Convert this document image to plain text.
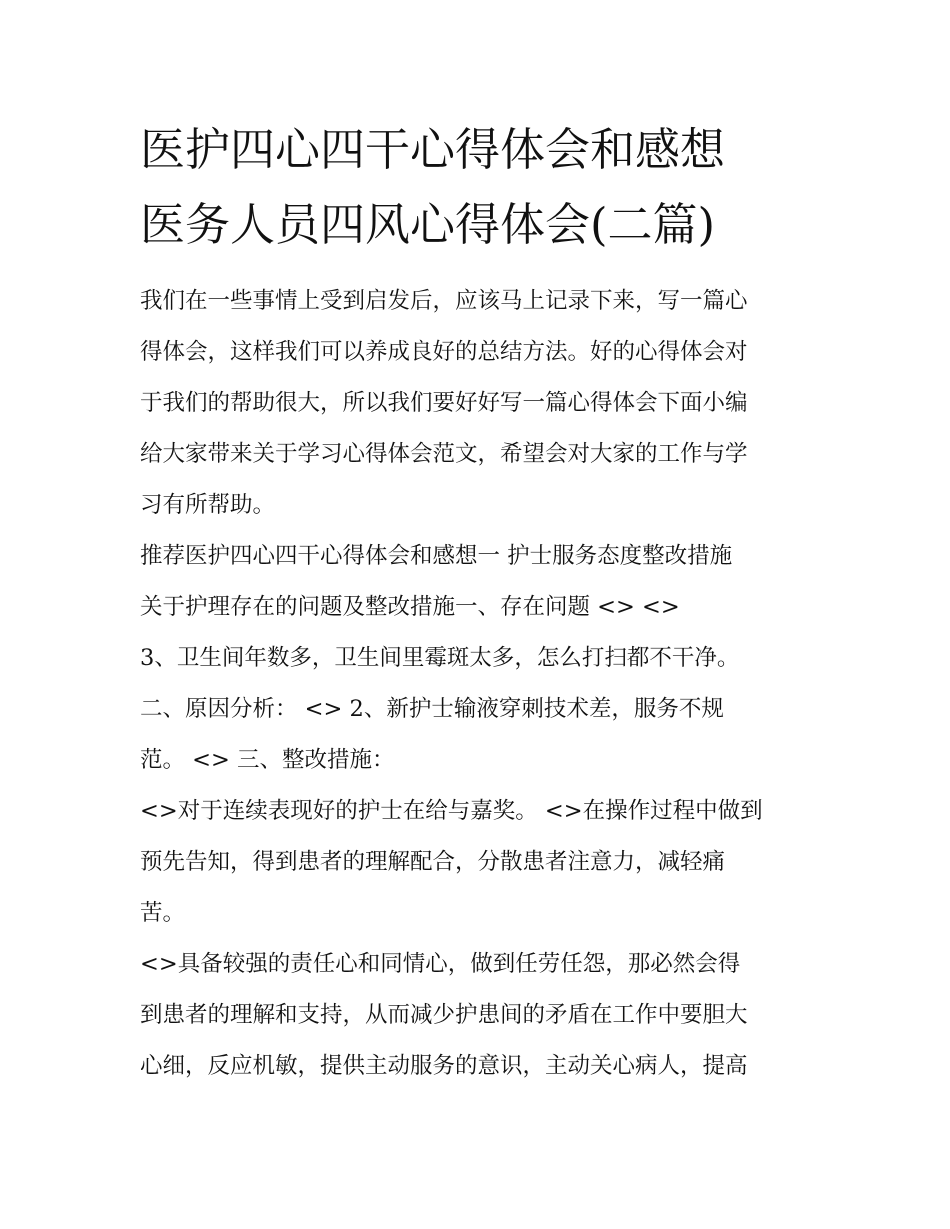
医护四心四干心得体会和感想
医务人员四风心得体会(二篇)
我们在一些事情上受到启发后，应该马上记录下来，写一篇心
得体会，这样我们可以养成良好的总结方法。好的心得体会对
于我们的帮助很大，所以我们要好好写一篇心得体会下面小编
给大家带来关于学习心得体会范文，希望会对大家的工作与学
习有所帮助。
推荐医护四心四干心得体会和感想一 护士服务态度整改措施
关于护理存在的问题及整改措施一、存在问题 <> <>
3、卫生间年数多，卫生间里霉斑太多，怎么打扫都不干净。
二、原因分析： <> 2、新护士输液穿刺技术差，服务不规
范。 <> 三、整改措施：
<>对于连续表现好的护士在给与嘉奖。 <>在操作过程中做到
预先告知，得到患者的理解配合，分散患者注意力，减轻痛
苦。
<>具备较强的责任心和同情心，做到任劳任怨，那必然会得
到患者的理解和支持，从而减少护患间的矛盾在工作中要胆大
心细，反应机敏，提供主动服务的意识，主动关心病人，提高
